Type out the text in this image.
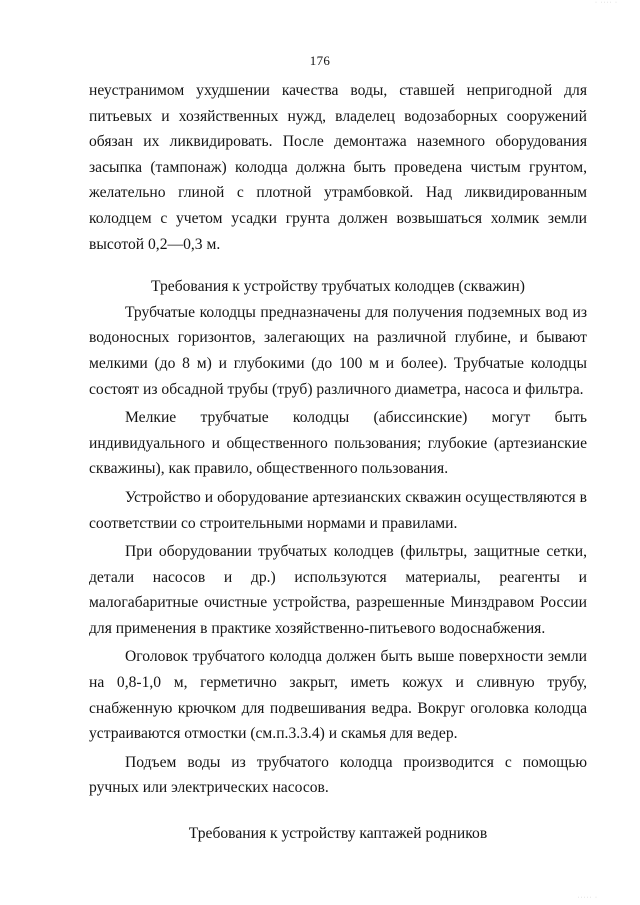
· ···· ·
176

неустранимом ухудшении качества воды, ставшей непригодной для питьевых и хозяйственных нужд, владелец водозаборных сооружений обязан их ликвидировать. После демонтажа наземного оборудования засыпка (тампонаж) колодца должна быть проведена чистым грунтом, желательно глиной с плотной утрамбовкой. Над ликвидированным колодцем с учетом усадки грунта должен возвышаться холмик земли высотой 0,2—0,3 м.

Требования к устройству трубчатых колодцев (скважин)

Трубчатые колодцы предназначены для получения подземных вод из водоносных горизонтов, залегающих на различной глубине, и бывают мелкими (до 8 м) и глубокими (до 100 м и более). Трубчатые колодцы состоят из обсадной трубы (труб) различного диаметра, насоса и фильтра.

Мелкие трубчатые колодцы (абиссинские) могут быть индивидуального и общественного пользования; глубокие (артезианские скважины), как правило, общественного пользования.

Устройство и оборудование артезианских скважин осуществляются в соответствии со строительными нормами и правилами.

При оборудовании трубчатых колодцев (фильтры, защитные сетки, детали насосов и др.) используются материалы, реагенты и малогабаритные очистные устройства, разрешенные Минздравом России для применения в практике хозяйственно-питьевого водоснабжения.

Оголовок трубчатого колодца должен быть выше поверхности земли на 0,8-1,0 м, герметично закрыт, иметь кожух и сливную трубу, снабженную крючком для подвешивания ведра. Вокруг оголовка колодца устраиваются отмостки (см.п.3.3.4) и скамья для ведер.

Подъем воды из трубчатого колодца производится с помощью ручных или электрических насосов.

Требования к устройству каптажей родников

····· ·
